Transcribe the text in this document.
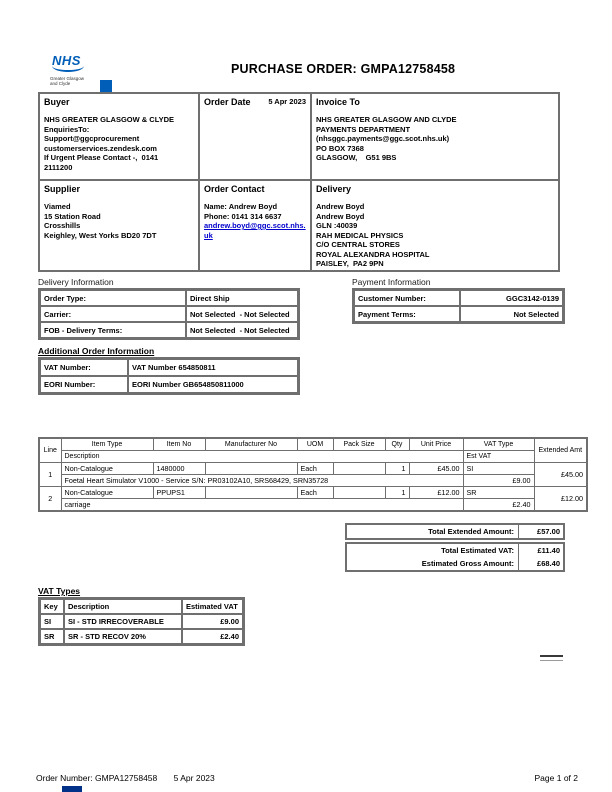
NHS
Greater Glasgow
and Clyde
PURCHASE ORDER: GMPA12758458
Buyer
NHS GREATER GLASGOW & CLYDE
EnquiriesTo:
Support@ggcprocurement
customerservices.zendesk.com
If Urgent Please Contact -,  0141
2111200
Order Date 5 Apr 2023 Invoice To
NHS GREATER GLASGOW AND CLYDE
PAYMENTS DEPARTMENT
(nhsggc.payments@ggc.scot.nhs.uk)
PO BOX 7368
GLASGOW,    G51 9BS
Supplier
Viamed
15 Station Road
Crosshills
Keighley, West Yorks BD20 7DT
Order Contact
Name: Andrew Boyd
Phone: 0141 314 6637
andrew.boyd@ggc.scot.nhs.uk
Delivery
Andrew Boyd
Andrew Boyd
GLN :40039
RAH MEDICAL PHYSICS
C/O CENTRAL STORES
ROYAL ALEXANDRA HOSPITAL
PAISLEY,  PA2 9PN
Delivery Information
Order Type:	Direct Ship
Carrier:	Not Selected  - Not Selected
FOB - Delivery Terms:	Not Selected  - Not Selected
Payment Information
Customer Number:	GGC3142-0139
Payment Terms:	Not Selected
Additional Order Information
VAT Number:	VAT Number 654850811
EORI Number:	EORI Number GB654850811000
Line	Item Type	Item No	Manufacturer No	UOM	Pack Size	Qty	Unit Price	VAT Type	Extended Amt
	Description							Est VAT	
1	Non-Catalogue	1480000		Each		1	£45.00	SI	£45.00
	Foetal Heart Simulator V1000 - Service S/N: PR03102A10, SRS68429, SRN35728							£9.00	
2	Non-Catalogue	PPUPS1		Each		1	£12.00	SR	£12.00
	carriage							£2.40	
Total Extended Amount:	£57.00
Total Estimated VAT:	£11.40
Estimated Gross Amount:	£68.40
VAT Types
Key	Description	Estimated VAT
SI	SI - STD IRRECOVERABLE	£9.00
SR	SR - STD RECOV 20%	£2.40
Order Number: GMPA12758458 5 Apr 2023	Page 1 of 2
